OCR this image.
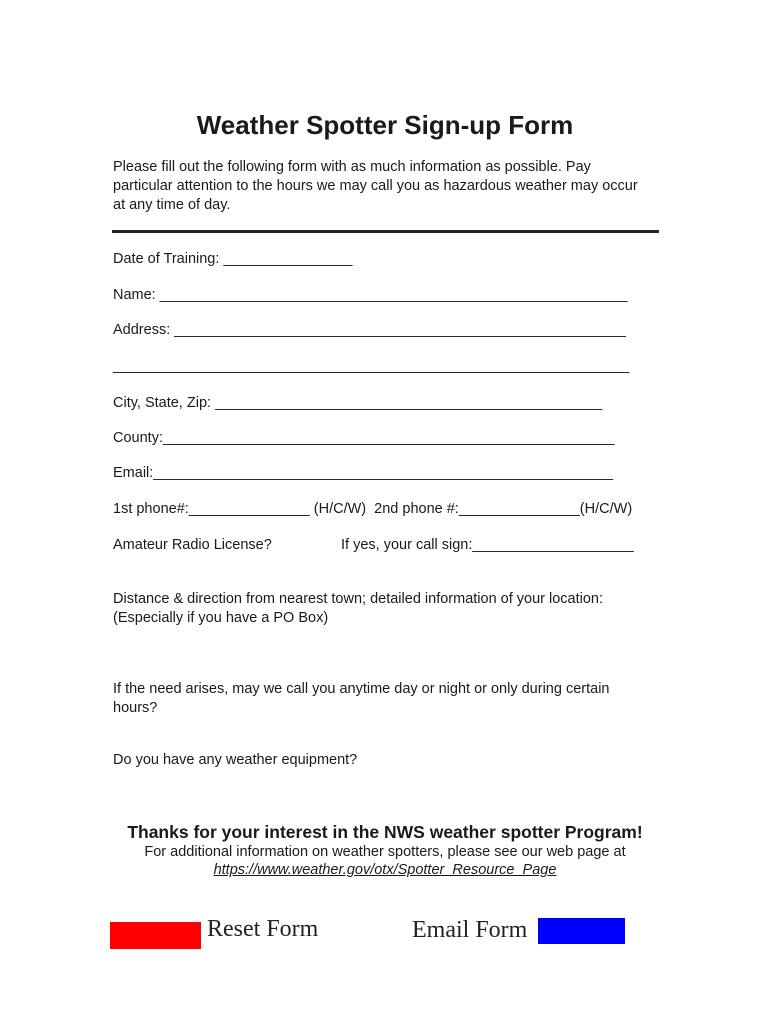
Weather Spotter Sign-up Form
Please fill out the following form with as much information as possible. Pay particular attention to the hours we may call you as hazardous weather may occur at any time of day.
Date of Training: ________________
Name: __________________________________________________________
Address: ________________________________________________________
________________________________________________________________
City, State, Zip: ________________________________________________
County:________________________________________________________
Email:_________________________________________________________
1st phone#:_______________ (H/C/W)  2nd phone #:_______________(H/C/W)
Amateur Radio License?	If yes, your call sign:____________________
Distance & direction from nearest town; detailed information of your location: (Especially if you have a PO Box)
If the need arises, may we call you anytime day or night or only during certain hours?
Do you have any weather equipment?
Thanks for your interest in the NWS weather spotter Program!
For additional information on weather spotters, please see our web page at
https://www.weather.gov/otx/Spotter_Resource_Page
Reset Form	Email Form
